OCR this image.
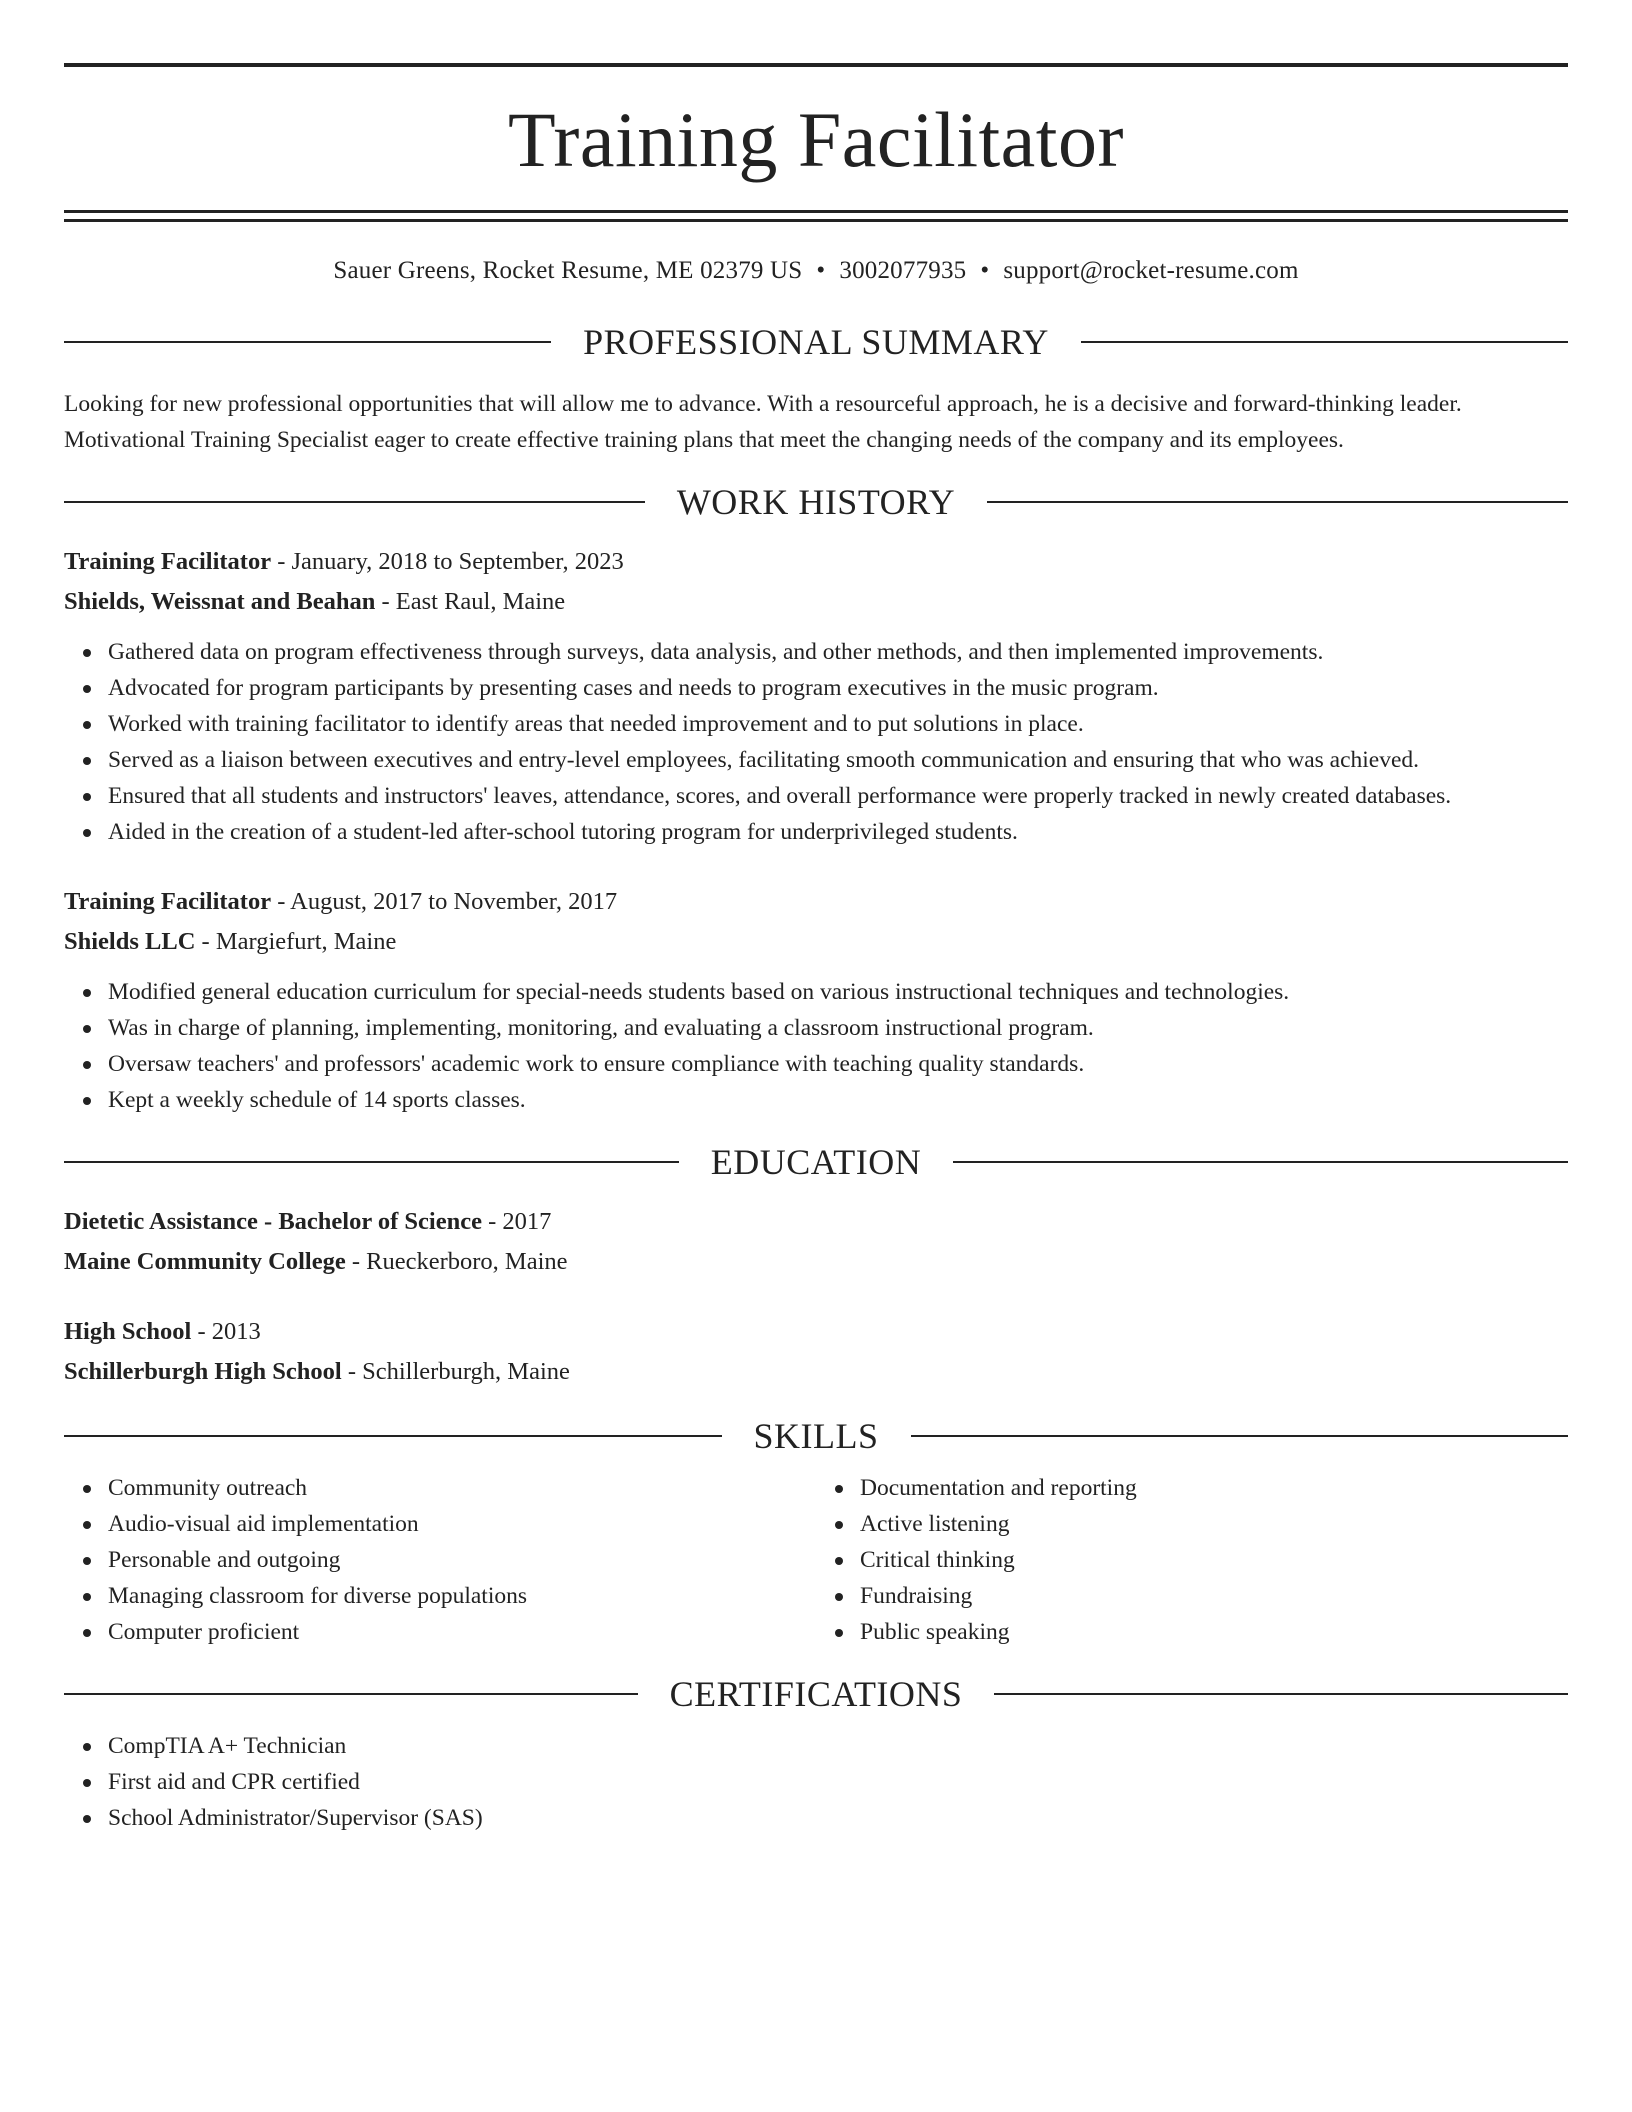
Training Facilitator
Sauer Greens, Rocket Resume, ME 02379 US • 3002077935 • support@rocket-resume.com
PROFESSIONAL SUMMARY

Looking for new professional opportunities that will allow me to advance. With a resourceful approach, he is a decisive and forward-thinking leader. Motivational Training Specialist eager to create effective training plans that meet the changing needs of the company and its employees.

WORK HISTORY
Training Facilitator - January, 2018 to September, 2023
Shields, Weissnat and Beahan - East Raul, Maine
Gathered data on program effectiveness through surveys, data analysis, and other methods, and then implemented improvements.
Advocated for program participants by presenting cases and needs to program executives in the music program.
Worked with training facilitator to identify areas that needed improvement and to put solutions in place.
Served as a liaison between executives and entry-level employees, facilitating smooth communication and ensuring that who was achieved.
Ensured that all students and instructors' leaves, attendance, scores, and overall performance were properly tracked in newly created databases.
Aided in the creation of a student-led after-school tutoring program for underprivileged students.
Training Facilitator - August, 2017 to November, 2017
Shields LLC - Margiefurt, Maine
Modified general education curriculum for special-needs students based on various instructional techniques and technologies.
Was in charge of planning, implementing, monitoring, and evaluating a classroom instructional program.
Oversaw teachers' and professors' academic work to ensure compliance with teaching quality standards.
Kept a weekly schedule of 14 sports classes.
EDUCATION
Dietetic Assistance - Bachelor of Science - 2017
Maine Community College - Rueckerboro, Maine
High School - 2013
Schillerburgh High School - Schillerburgh, Maine
SKILLS
Community outreach
Audio-visual aid implementation
Personable and outgoing
Managing classroom for diverse populations
Computer proficient
Documentation and reporting
Active listening
Critical thinking
Fundraising
Public speaking
CERTIFICATIONS
CompTIA A+ Technician
First aid and CPR certified
School Administrator/Supervisor (SAS)
